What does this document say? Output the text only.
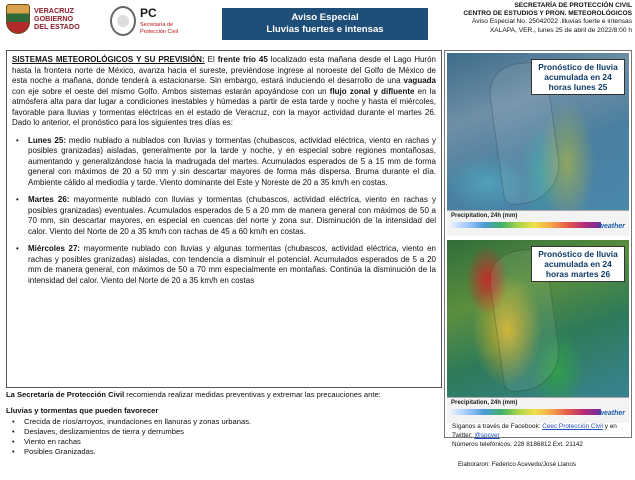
VERACRUZ
GOBIERNO
DEL ESTADO
PC
Secretaría de
Protección Civil
Aviso Especial
Lluvias fuertes e intensas
SECRETARÍA DE PROTECCIÓN CIVIL
CENTRO DE ESTUDIOS Y PRON. METEOROLÓGICOS
Aviso Especial No. 25042022 .llluvias fuerte e intensas
XALAPA, VER., lunes 25 de abril de 2022/8:00 h

SISTEMAS METEOROLÓGICOS Y SU PREVISIÓN: El frente frío 45 localizado esta mañana desde el Lago Hurón hasta la frontera norte de México, avanza hacia el sureste, previéndose ingrese al noroeste del Golfo de México de esta noche a mañana, donde tenderá a estacionarse. Sin embargo, estará induciendo el desarrollo de una vaguada con eje sobre el oeste del mismo Golfo. Ambos sistemas estarán apoyándose con un flujo zonal y difluente en la atmósfera alta para dar lugar a condiciones inestables y húmedas a partir de esta tarde y noche y hasta el miércoles, favorable para lluvias y tormentas eléctricas en el estado de Veracruz, con la mayor actividad durante el martes 26. Dado lo anterior, el pronóstico para los siguientes tres días es:

• Lunes 25: medio nublado a nublados con lluvias y tormentas (chubascos, actividad eléctrica, viento en rachas y posibles granizadas) aisladas, generalmente por la tarde y noche, y en especial sobre regiones montañosas, aumentando y generalizándose hacia la madrugada del martes. Acumulados esperados de 5 a 15 mm de forma general con máximos de 20 a 50 mm y sin descartar mayores de forma más dispersa. Bruma durante el día. Ambiente cálido al mediodía y tarde. Viento dominante del Este y Noreste de 20 a 35 km/h en costas.
• Martes 26: mayormente nublado con lluvias y tormentas (chubascos, actividad eléctrica, viento en rachas y posibles granizadas) eventuales. Acumulados esperados de 5 a 20 mm de manera general con máximos de 50 a 70 mm, sin descartar mayores, en especial en cuencas del norte y zona sur. Disminución de la intensidad del calor. Viento del Norte de 20 a 35 km/h con rachas de 45 a 60 km/h en costas.
• Miércoles 27: mayormente nublado con lluvias y algunas tormentas (chubascos, actividad eléctrica, viento en rachas y posibles granizadas) aisladas, con tendencia a disminuir el potencial. Acumulados esperados de 5 a 20 mm de manera general, con máximos de 50 a 70 mm especialmente en montañas. Continúa la disminución de la intensidad del calor. Viento del Norte de 20 a 35 km/h en costas
Pronóstico de lluvia acumulada en 24 horas lunes 25
Precipitation, 24h (mm)
weather
Pronóstico de lluvia acumulada en 24 horas martes 26
Precipitation, 24h (mm)
weather

La Secretaría de Protección Civil recomienda realizar medidas preventivas y extremar las precauciones ante:

Lluvias y tormentas que pueden favorecer

• Crecida de ríos/arroyos, inundaciones en llanuras y zonas urbanas.
• Deslaves, deslizamientos de tierra y derrumbes
• Viento en rachas
• Posibles Granizadas.
Síganos a través de Facebook: Ceec Protección Civil y en
Twitter: @spcver
Números telefónicos: 228 8186812 Ext. 21142
Elaboraron: Federico Acevedo/José Llanos
